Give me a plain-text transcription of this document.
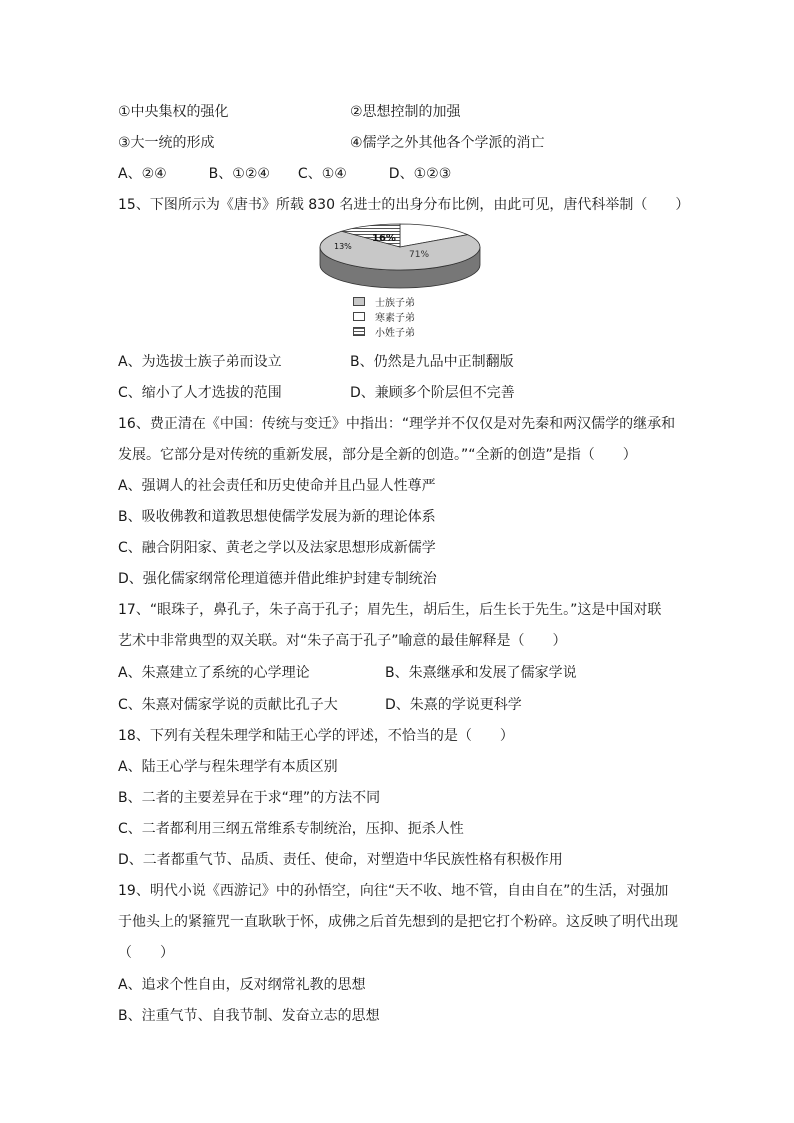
①中央集权的强化	②思想控制的加强
③大一统的形成	④儒学之外其他各个学派的消亡
A、②④　　　B、①②④　　C、①④　　　D、①②③
15、下图所示为《唐书》所载 830 名进士的出身分布比例，由此可见，唐代科举制（　　）
71%
16%
13%
士族子弟
寒素子弟
小姓子弟
A、为选拔士族子弟而设立	B、仍然是九品中正制翻版
C、缩小了人才选拔的范围	D、兼顾多个阶层但不完善
16、费正清在《中国：传统与变迁》中指出：“理学并不仅仅是对先秦和两汉儒学的继承和
发展。它部分是对传统的重新发展，部分是全新的创造。”“全新的创造”是指（　　）
A、强调人的社会责任和历史使命并且凸显人性尊严
B、吸收佛教和道教思想使儒学发展为新的理论体系
C、融合阴阳家、黄老之学以及法家思想形成新儒学
D、强化儒家纲常伦理道德并借此维护封建专制统治
17、“眼珠子，鼻孔子，朱子高于孔子；眉先生，胡后生，后生长于先生。”这是中国对联
艺术中非常典型的双关联。对“朱子高于孔子”喻意的最佳解释是（　　）
A、朱熹建立了系统的心学理论	B、朱熹继承和发展了儒家学说
C、朱熹对儒家学说的贡献比孔子大	D、朱熹的学说更科学
18、下列有关程朱理学和陆王心学的评述，不恰当的是（　　）
A、陆王心学与程朱理学有本质区别
B、二者的主要差异在于求“理”的方法不同
C、二者都利用三纲五常维系专制统治，压抑、扼杀人性
D、二者都重气节、品质、责任、使命，对塑造中华民族性格有积极作用
19、明代小说《西游记》中的孙悟空，向往“天不收、地不管，自由自在”的生活，对强加
于他头上的紧箍咒一直耿耿于怀，成佛之后首先想到的是把它打个粉碎。这反映了明代出现
（　　）
A、追求个性自由，反对纲常礼教的思想
B、注重气节、自我节制、发奋立志的思想
